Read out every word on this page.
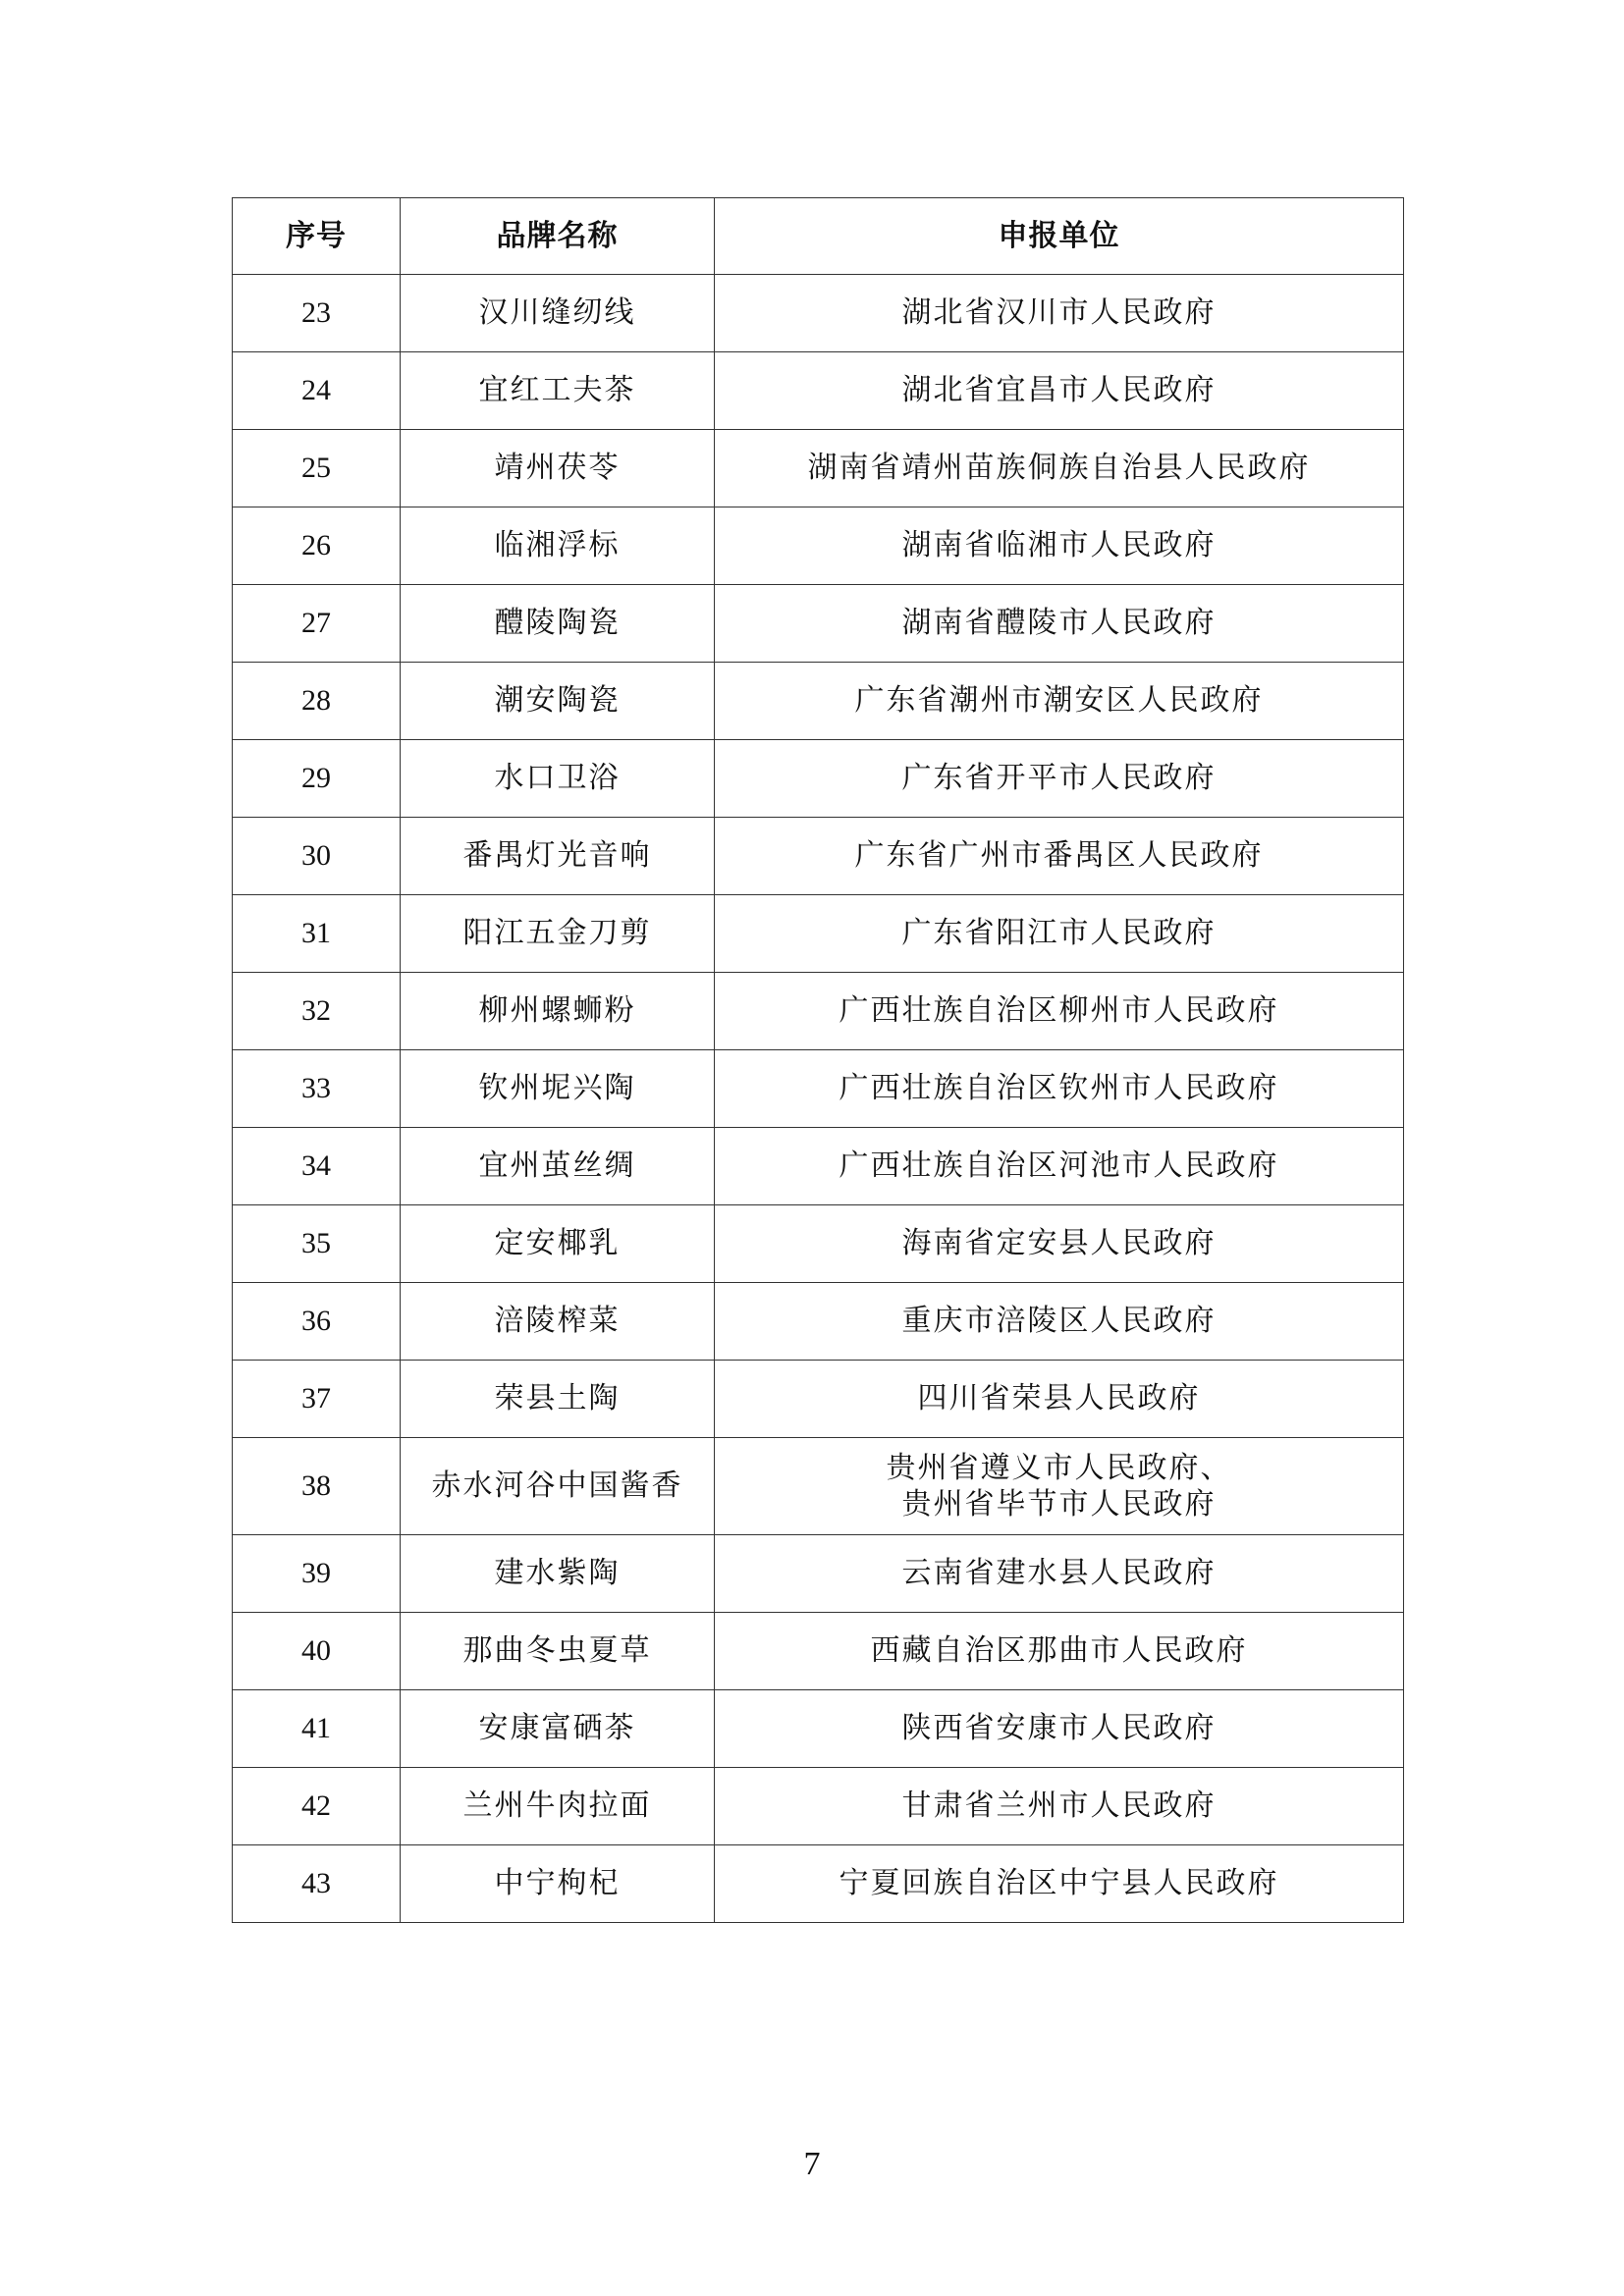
序号	品牌名称	申报单位
23	汉川缝纫线	湖北省汉川市人民政府
24	宜红工夫茶	湖北省宜昌市人民政府
25	靖州茯苓	湖南省靖州苗族侗族自治县人民政府
26	临湘浮标	湖南省临湘市人民政府
27	醴陵陶瓷	湖南省醴陵市人民政府
28	潮安陶瓷	广东省潮州市潮安区人民政府
29	水口卫浴	广东省开平市人民政府
30	番禺灯光音响	广东省广州市番禺区人民政府
31	阳江五金刀剪	广东省阳江市人民政府
32	柳州螺蛳粉	广西壮族自治区柳州市人民政府
33	钦州坭兴陶	广西壮族自治区钦州市人民政府
34	宜州茧丝绸	广西壮族自治区河池市人民政府
35	定安椰乳	海南省定安县人民政府
36	涪陵榨菜	重庆市涪陵区人民政府
37	荣县土陶	四川省荣县人民政府
38	赤水河谷中国酱香	贵州省遵义市人民政府、
贵州省毕节市人民政府

39	建水紫陶	云南省建水县人民政府
40	那曲冬虫夏草	西藏自治区那曲市人民政府
41	安康富硒茶	陕西省安康市人民政府
42	兰州牛肉拉面	甘肃省兰州市人民政府
43	中宁枸杞	宁夏回族自治区中宁县人民政府
7
